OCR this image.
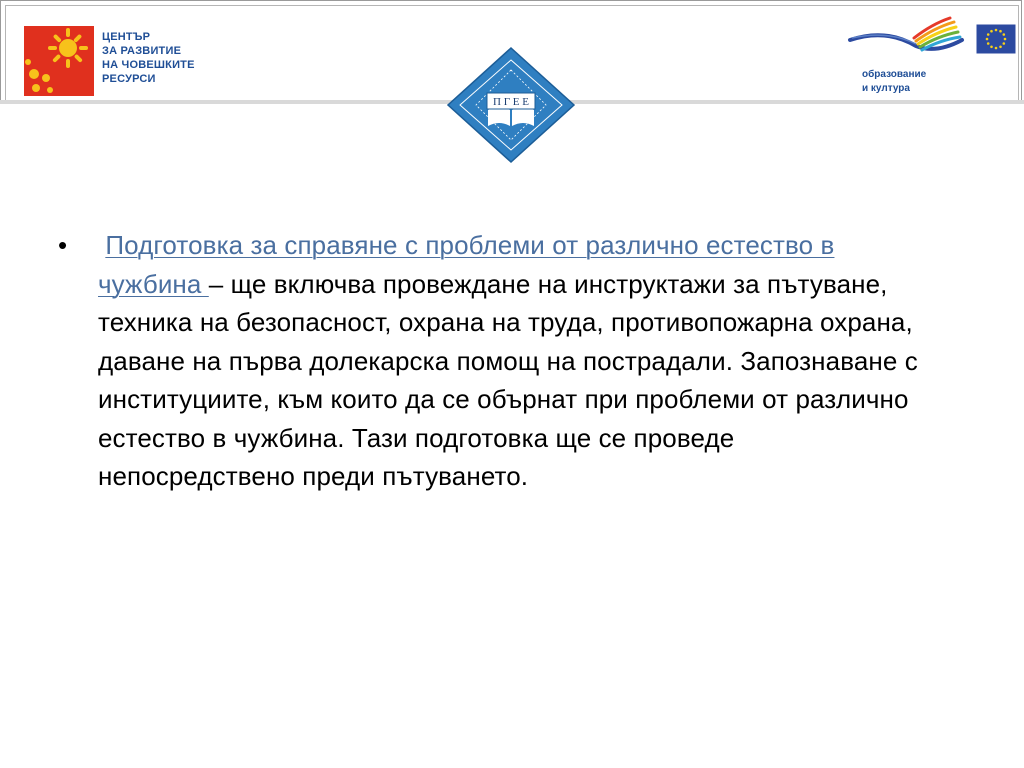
ЦЕНТЪР
ЗА РАЗВИТИЕ
НА ЧОВЕШКИТЕ
РЕСУРСИ
П Г Е Е
образование
и култура
•	Подготовка за справяне с проблеми от различно естество в чужбина – ще включва провеждане на инструктажи за пътуване, техника на безопасност, охрана на труда, противопожарна охрана, даване на първа долекарска помощ на пострадали. Запознаване с институциите, към които да се обърнат при проблеми от различно естество в чужбина. Тази подготовка ще се проведе непосредствено преди пътуването.
